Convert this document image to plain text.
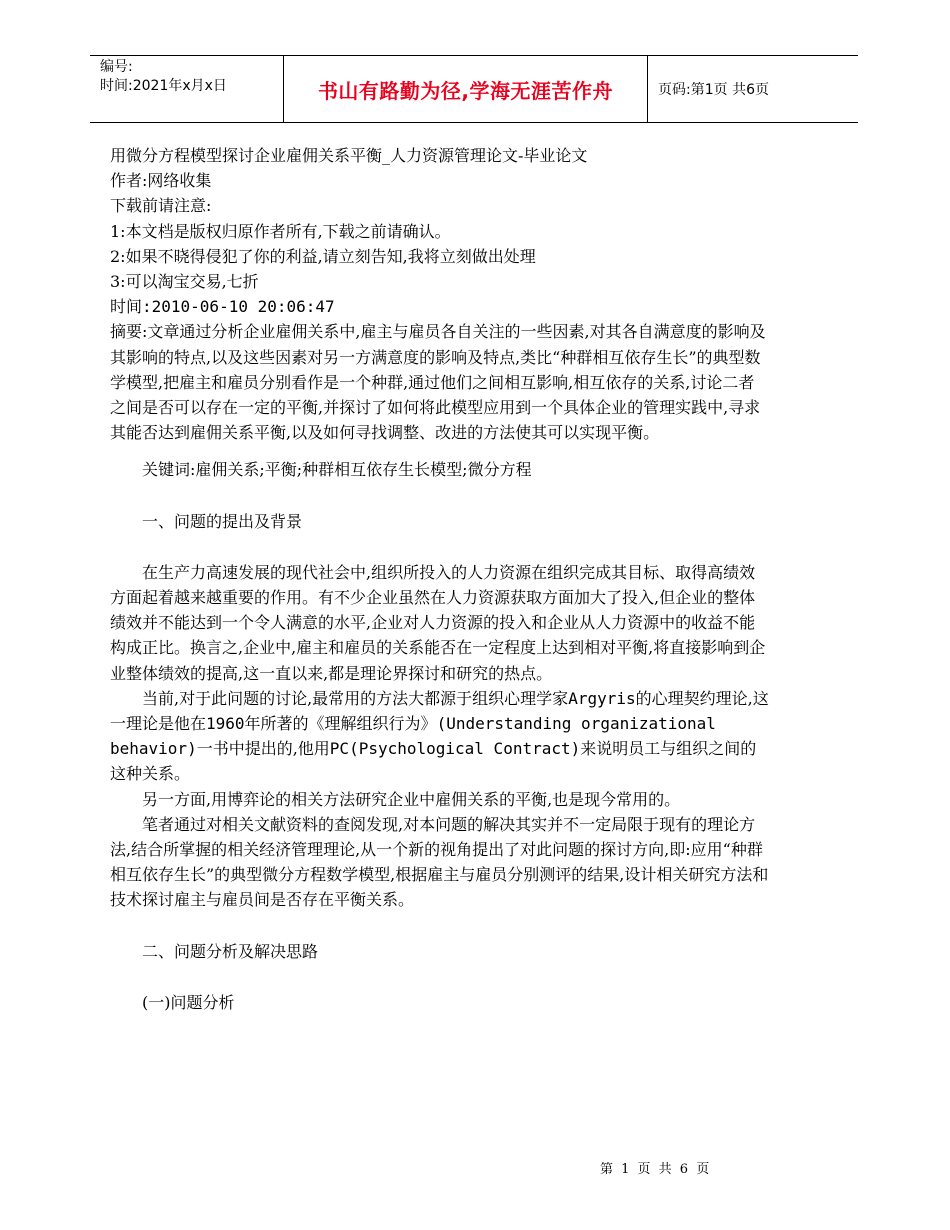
编号:
时间:2021年x月x日	书山有路勤为径,学海无涯苦作舟	页码:第1页 共6页

用微分方程模型探讨企业雇佣关系平衡_人力资源管理论文-毕业论文

作者:网络收集

下载前请注意:

1:本文档是版权归原作者所有,下载之前请确认。

2:如果不晓得侵犯了你的利益,请立刻告知,我将立刻做出处理

3:可以淘宝交易,七折

时间:2010-06-10 20:06:47

摘要:文章通过分析企业雇佣关系中,雇主与雇员各自关注的一些因素,对其各自满意度的影响及其影响的特点,以及这些因素对另一方满意度的影响及特点,类比“种群相互依存生长”的典型数学模型,把雇主和雇员分别看作是一个种群,通过他们之间相互影响,相互依存的关系,讨论二者之间是否可以存在一定的平衡,并探讨了如何将此模型应用到一个具体企业的管理实践中,寻求其能否达到雇佣关系平衡,以及如何寻找调整、改进的方法使其可以实现平衡。

关键词:雇佣关系;平衡;种群相互依存生长模型;微分方程

一、问题的提出及背景

在生产力高速发展的现代社会中,组织所投入的人力资源在组织完成其目标、取得高绩效方面起着越来越重要的作用。有不少企业虽然在人力资源获取方面加大了投入,但企业的整体绩效并不能达到一个令人满意的水平,企业对人力资源的投入和企业从人力资源中的收益不能构成正比。换言之,企业中,雇主和雇员的关系能否在一定程度上达到相对平衡,将直接影响到企业整体绩效的提高,这一直以来,都是理论界探讨和研究的热点。

当前,对于此问题的讨论,最常用的方法大都源于组织心理学家Argyris的心理契约理论,这一理论是他在1960年所著的《理解组织行为》(Understanding organizational behavior)一书中提出的,他用PC(Psychological Contract)来说明员工与组织之间的这种关系。

另一方面,用博弈论的相关方法研究企业中雇佣关系的平衡,也是现今常用的。

笔者通过对相关文献资料的查阅发现,对本问题的解决其实并不一定局限于现有的理论方法,结合所掌握的相关经济管理理论,从一个新的视角提出了对此问题的探讨方向,即:应用“种群相互依存生长”的典型微分方程数学模型,根据雇主与雇员分别测评的结果,设计相关研究方法和技术探讨雇主与雇员间是否存在平衡关系。

二、问题分析及解决思路

(一)问题分析

第 1 页 共 6 页
